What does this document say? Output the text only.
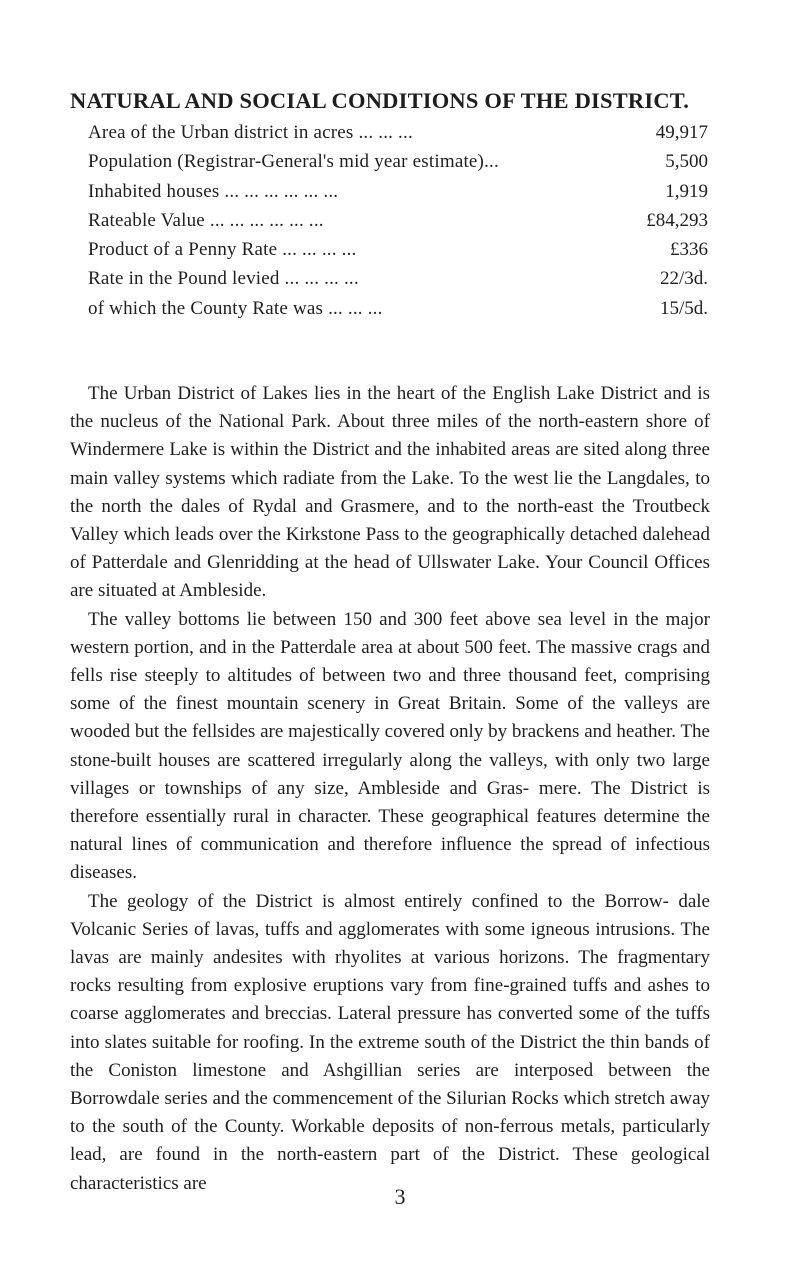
NATURAL AND SOCIAL CONDITIONS OF THE DISTRICT.
Area of the Urban district in acres ... ... ...	49,917
Population (Registrar-General's mid year estimate)...	5,500
Inhabited houses ... ... ... ... ... ...	1,919
Rateable Value ... ... ... ... ... ...	£84,293
Product of a Penny Rate ... ... ... ...	£336
Rate in the Pound levied ... ... ... ...	22/3d.
of which the County Rate was ... ... ...	15/5d.

The Urban District of Lakes lies in the heart of the English Lake District and is the nucleus of the National Park. About three miles of the north-eastern shore of Windermere Lake is within the District and the inhabited areas are sited along three main valley systems which radiate from the Lake. To the west lie the Langdales, to the north the dales of Rydal and Grasmere, and to the north-east the Troutbeck Valley which leads over the Kirkstone Pass to the geographically detached dalehead of Patterdale and Glenridding at the head of Ullswater Lake. Your Council Offices are situated at Ambleside.

The valley bottoms lie between 150 and 300 feet above sea level in the major western portion, and in the Patterdale area at about 500 feet. The massive crags and fells rise steeply to altitudes of between two and three thousand feet, comprising some of the finest mountain scenery in Great Britain. Some of the valleys are wooded but the fellsides are majestically covered only by brackens and heather. The stone-built houses are scattered irregularly along the valleys, with only two large villages or townships of any size, Ambleside and Gras- mere. The District is therefore essentially rural in character. These geographical features determine the natural lines of communication and therefore influence the spread of infectious diseases.

The geology of the District is almost entirely confined to the Borrow- dale Volcanic Series of lavas, tuffs and agglomerates with some igneous intrusions. The lavas are mainly andesites with rhyolites at various horizons. The fragmentary rocks resulting from explosive eruptions vary from fine-grained tuffs and ashes to coarse agglomerates and breccias. Lateral pressure has converted some of the tuffs into slates suitable for roofing. In the extreme south of the District the thin bands of the Coniston limestone and Ashgillian series are interposed between the Borrowdale series and the commencement of the Silurian Rocks which stretch away to the south of the County. Workable deposits of non-ferrous metals, particularly lead, are found in the north-eastern part of the District. These geological characteristics are

3
